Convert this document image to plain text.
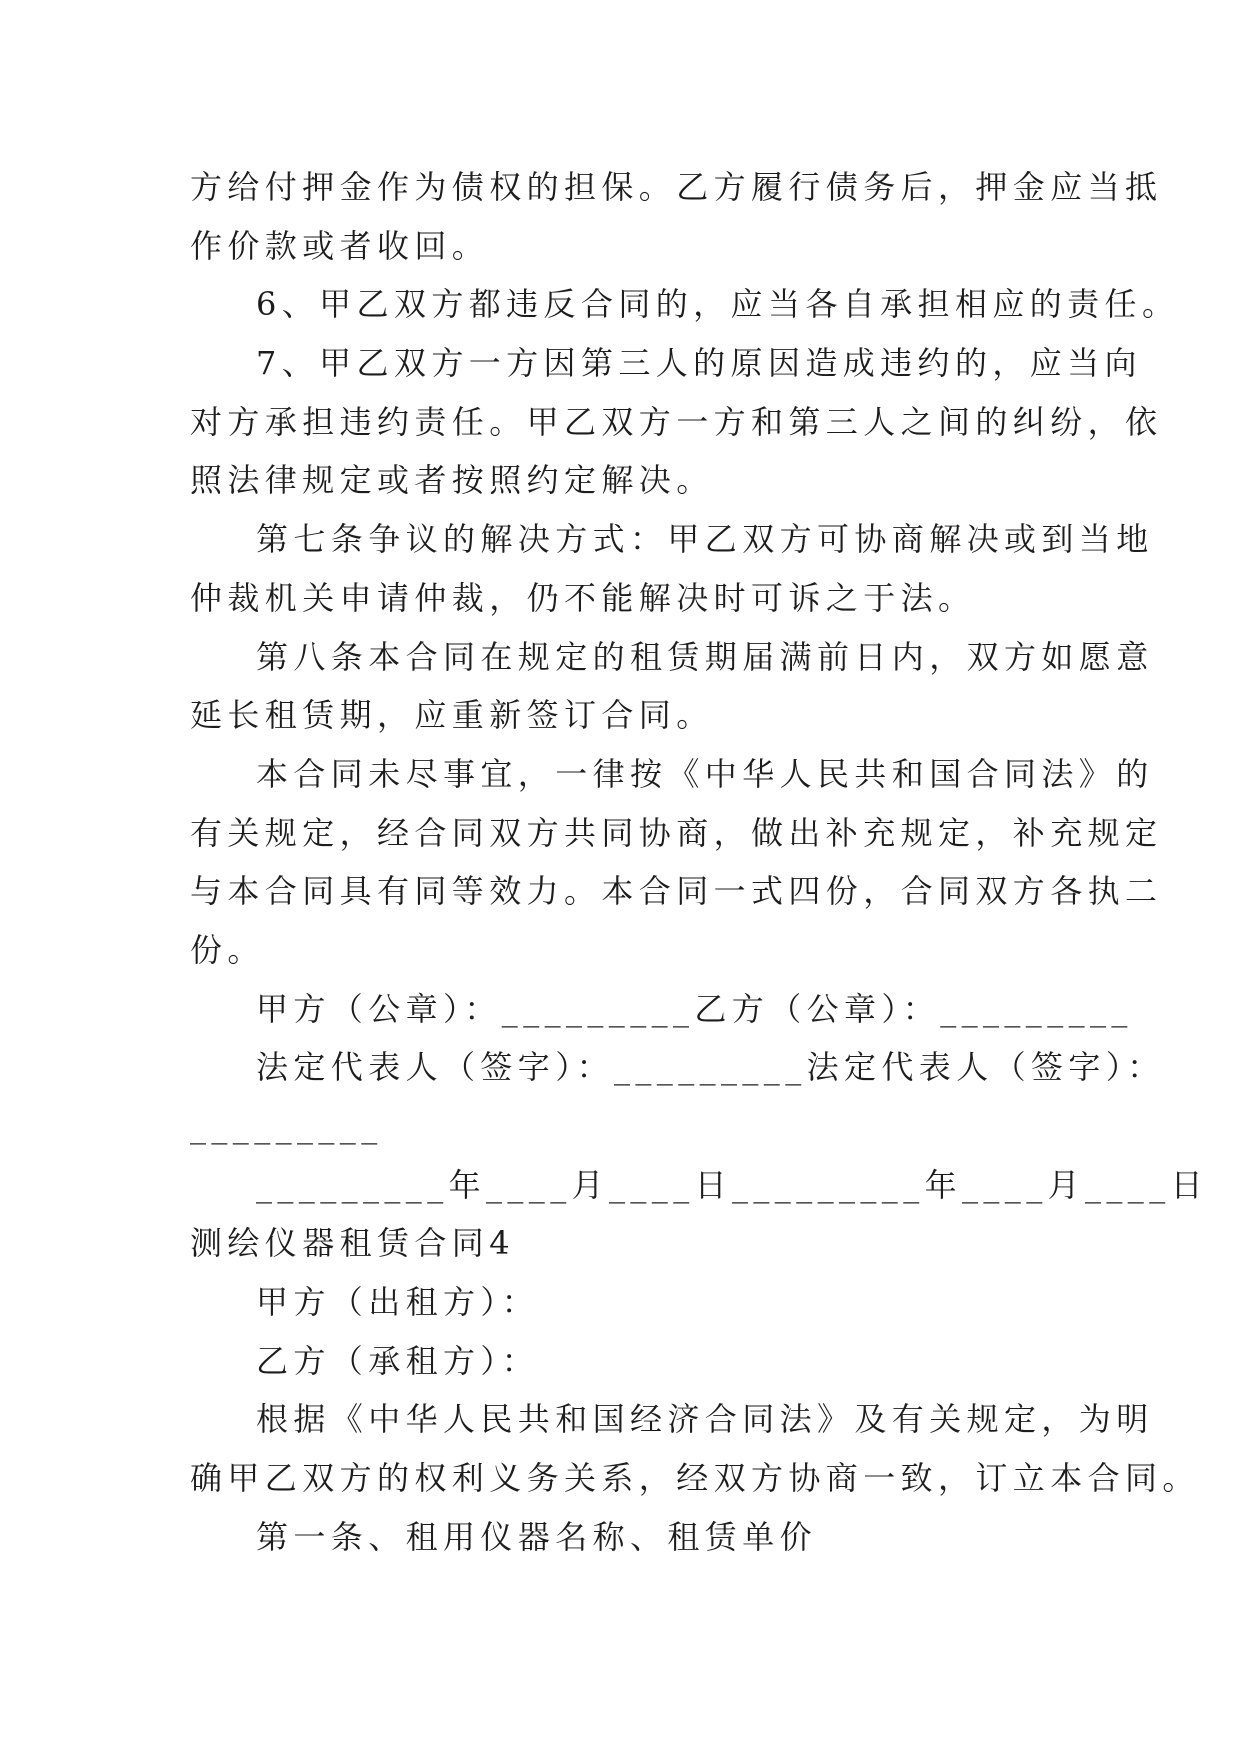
方给付押金作为债权的担保。乙方履行债务后，押金应当抵
作价款或者收回。
6、甲乙双方都违反合同的，应当各自承担相应的责任。
7、甲乙双方一方因第三人的原因造成违约的，应当向
对方承担违约责任。甲乙双方一方和第三人之间的纠纷，依
照法律规定或者按照约定解决。
第七条争议的解决方式：甲乙双方可协商解决或到当地
仲裁机关申请仲裁，仍不能解决时可诉之于法。
第八条本合同在规定的租赁期届满前日内，双方如愿意
延长租赁期，应重新签订合同。
本合同未尽事宜，一律按《中华人民共和国合同法》的
有关规定，经合同双方共同协商，做出补充规定，补充规定
与本合同具有同等效力。本合同一式四份，合同双方各执二
份。
甲方（公章）：_________乙方（公章）：_________
法定代表人（签字）：_________法定代表人（签字）：
_________
_________年____月____日_________年____月____日
测绘仪器租赁合同4
甲方（出租方）：
乙方（承租方）：
根据《中华人民共和国经济合同法》及有关规定，为明
确甲乙双方的权利义务关系，经双方协商一致，订立本合同。
第一条、租用仪器名称、租赁单价
